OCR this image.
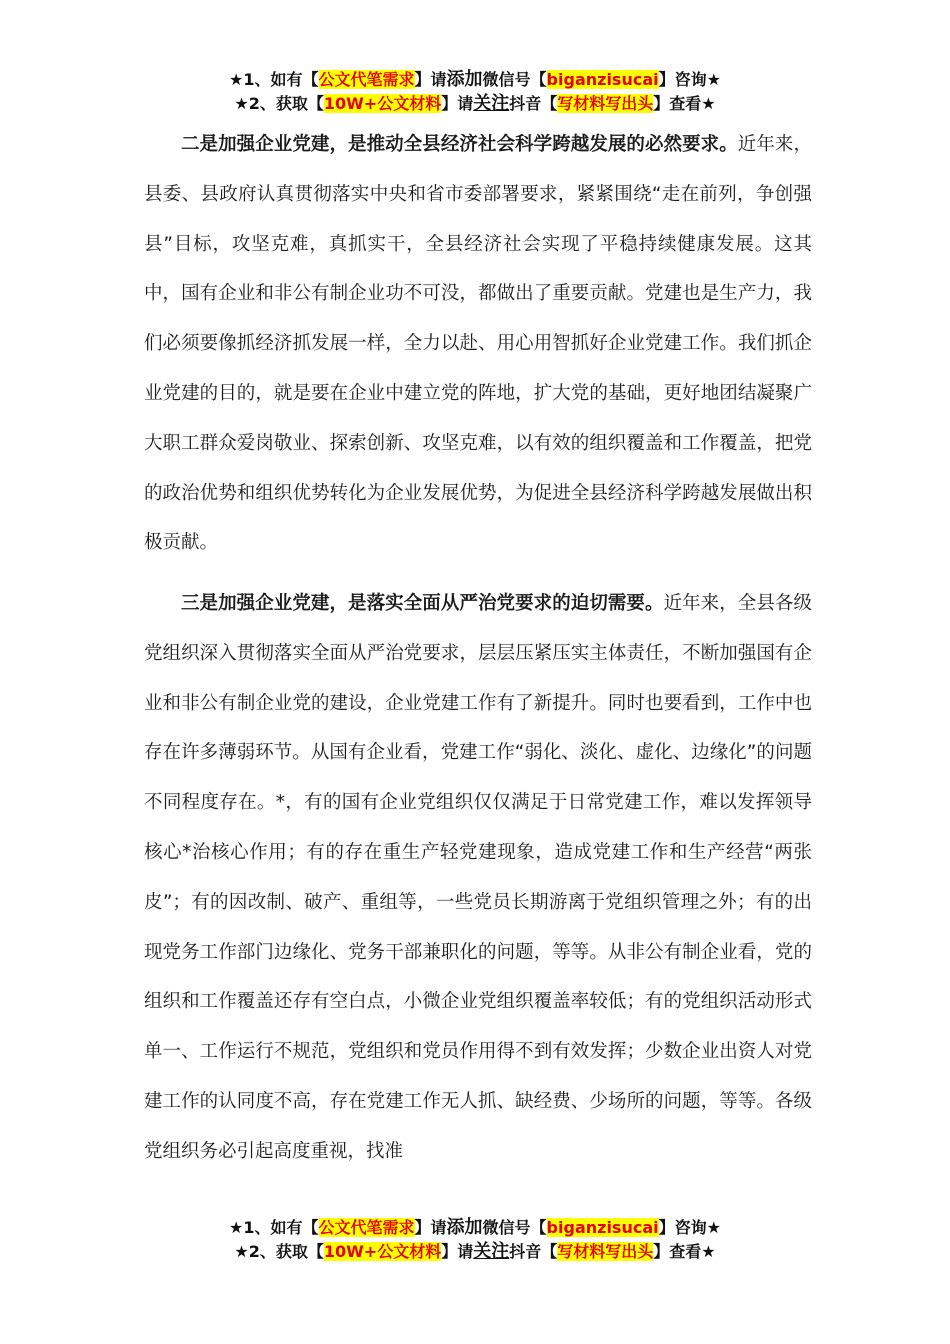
★1、如有【公文代笔需求】请添加微信号【biganzisucai】咨询★
★2、获取【10W+公文材料】请关注抖音【写材料写出头】查看★

二是加强企业党建，是推动全县经济社会科学跨越发展的必然要求。近年来，县委、县政府认真贯彻落实中央和省市委部署要求，紧紧围绕“走在前列，争创强县”目标，攻坚克难，真抓实干，全县经济社会实现了平稳持续健康发展。这其中，国有企业和非公有制企业功不可没，都做出了重要贡献。党建也是生产力，我们必须要像抓经济抓发展一样，全力以赴、用心用智抓好企业党建工作。我们抓企业党建的目的，就是要在企业中建立党的阵地，扩大党的基础，更好地团结凝聚广大职工群众爱岗敬业、探索创新、攻坚克难，以有效的组织覆盖和工作覆盖，把党的政治优势和组织优势转化为企业发展优势，为促进全县经济科学跨越发展做出积极贡献。

三是加强企业党建，是落实全面从严治党要求的迫切需要。近年来，全县各级党组织深入贯彻落实全面从严治党要求，层层压紧压实主体责任，不断加强国有企业和非公有制企业党的建设，企业党建工作有了新提升。同时也要看到，工作中也存在许多薄弱环节。从国有企业看，党建工作“弱化、淡化、虚化、边缘化”的问题不同程度存在。*，有的国有企业党组织仅仅满足于日常党建工作，难以发挥领导核心*治核心作用；有的存在重生产轻党建现象，造成党建工作和生产经营“两张皮”；有的因改制、破产、重组等，一些党员长期游离于党组织管理之外；有的出现党务工作部门边缘化、党务干部兼职化的问题，等等。从非公有制企业看，党的组织和工作覆盖还存有空白点，小微企业党组织覆盖率较低；有的党组织活动形式单一、工作运行不规范，党组织和党员作用得不到有效发挥；少数企业出资人对党建工作的认同度不高，存在党建工作无人抓、缺经费、少场所的问题，等等。各级党组织务必引起高度重视，找准

★1、如有【公文代笔需求】请添加微信号【biganzisucai】咨询★
★2、获取【10W+公文材料】请关注抖音【写材料写出头】查看★
